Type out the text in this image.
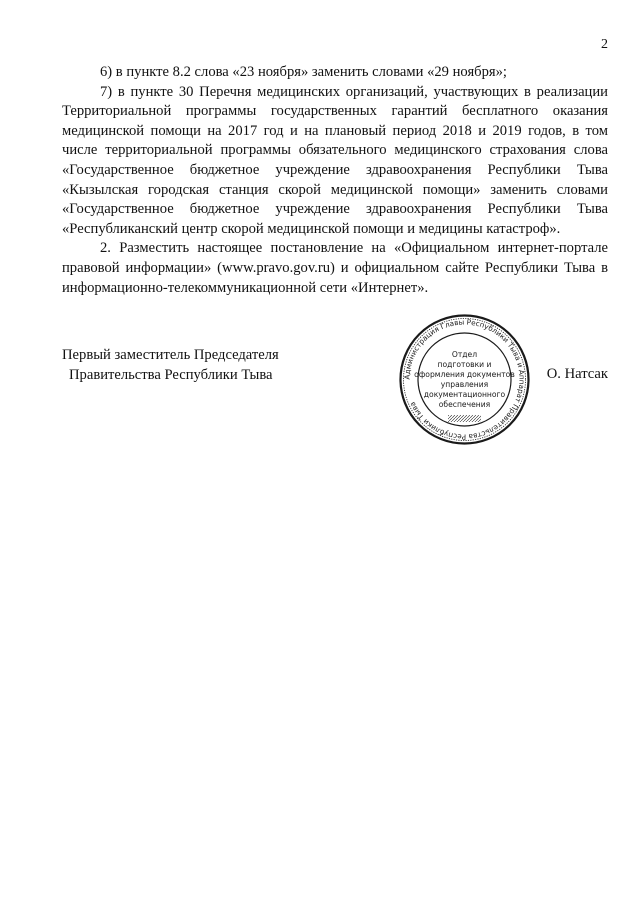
2

6) в пункте 8.2 слова «23 ноября» заменить словами «29 ноября»;

7) в пункте 30 Перечня медицинских организаций, участвующих в реализации Территориальной программы государственных гарантий бесплатного оказания медицинской помощи на 2017 год и на плановый период 2018 и 2019 годов, в том числе территориальной программы обязательного медицинского страхования слова «Государственное бюджетное учреждение здравоохранения Республики Тыва «Кызылская городская станция скорой медицинской помощи» заменить словами «Государственное бюджетное учреждение здравоохранения Республики Тыва «Республиканский центр скорой медицинской помощи и медицины катастроф».

2. Разместить настоящее постановление на «Официальном интернет-портале правовой информации» (www.pravo.gov.ru) и официальном сайте Республики Тыва в информационно-телекоммуникационной сети «Интернет».

Первый заместитель Председателя
Правительства Республики Тыва	О. Натсак
Администрация Главы Республики Тыва и Аппарат Правительства Республики Тыва
Отдел
подготовки и
оформления документов
управления
документационного
обеспечения
